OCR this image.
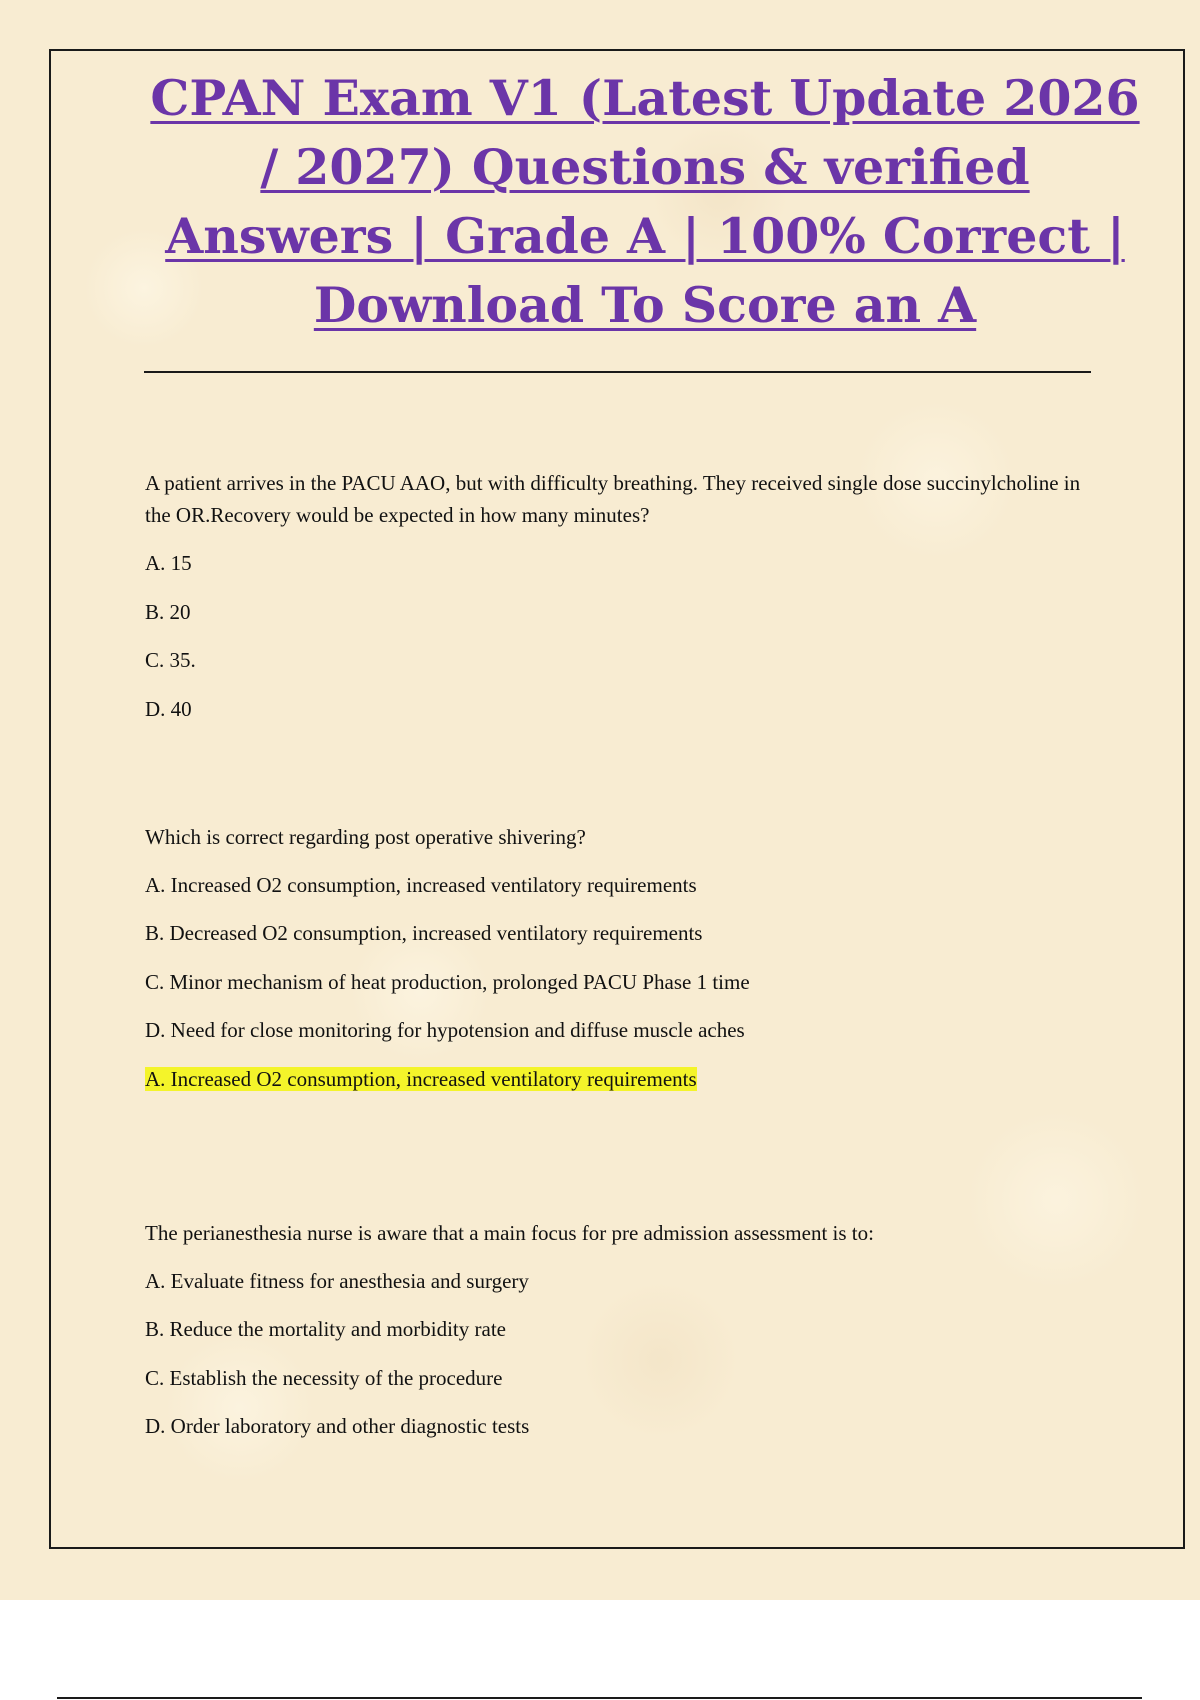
CPAN Exam V1 (Latest Update 2026 / 2027) Questions & verified Answers | Grade A | 100% Correct | Download To Score an A

A patient arrives in the PACU AAO, but with difficulty breathing. They received single dose succinylcholine in the OR.Recovery would be expected in how many minutes?

A. 15

B. 20

C. 35.

D. 40

Which is correct regarding post operative shivering?

A. Increased O2 consumption, increased ventilatory requirements

B. Decreased O2 consumption, increased ventilatory requirements

C. Minor mechanism of heat production, prolonged PACU Phase 1 time

D. Need for close monitoring for hypotension and diffuse muscle aches

A. Increased O2 consumption, increased ventilatory requirements

The perianesthesia nurse is aware that a main focus for pre admission assessment is to:

A. Evaluate fitness for anesthesia and surgery

B. Reduce the mortality and morbidity rate

C. Establish the necessity of the procedure

D. Order laboratory and other diagnostic tests
